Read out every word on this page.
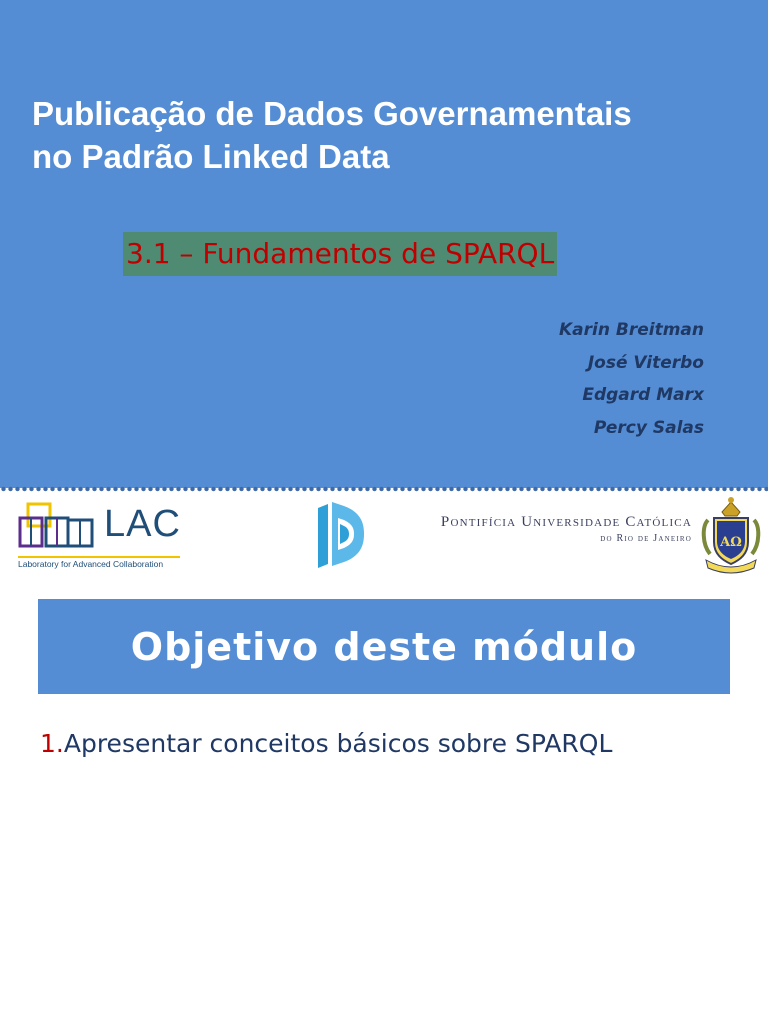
Publicação de Dados Governamentais
no Padrão Linked Data
3.1 – Fundamentos de SPARQL
Karin Breitman
José Viterbo
Edgard Marx
Percy Salas
LAC
Laboratory for Advanced Collaboration
Pontifícia Universidade Católica
do Rio de Janeiro ΑΩ
Objetivo deste módulo
1.Apresentar conceitos básicos sobre SPARQL
